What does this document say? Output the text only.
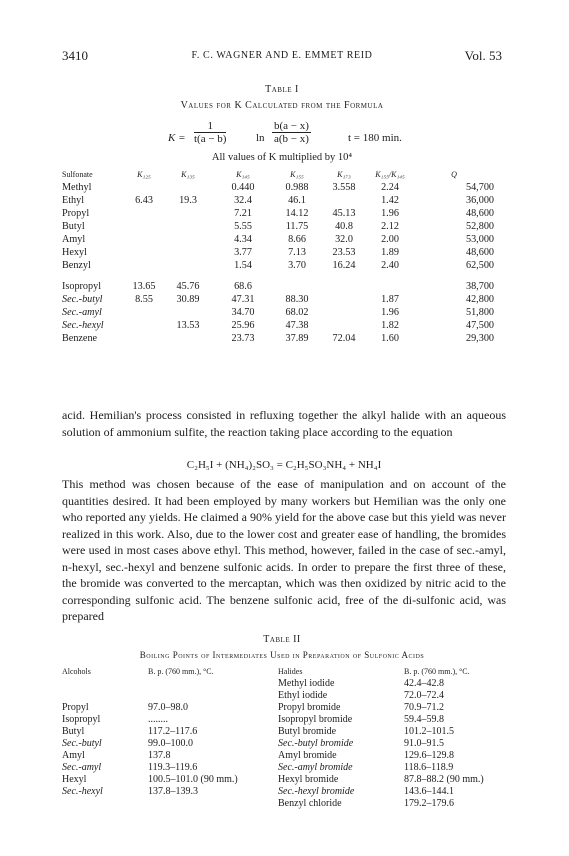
3410	F. C. WAGNER AND E. EMMET REID	Vol. 53
Table I
Values for K Calculated from the Formula
$K = \frac{1}{t(a - b)}$	$\ln \frac{b(a - x)}{a(b - x)}$	t = 180 min.
All values of K multiplied by 10⁴
Sulfonate	K₁₂₅	K₁₃₅	K₁₄₅	K₁₅₅	K₁₇₃	K₁₅₅/K₁₄₅	Q
Methyl			0.440	0.988	3.558	2.24	54,700
Ethyl	6.43	19.3	32.4	46.1		1.42	36,000
Propyl			7.21	14.12	45.13	1.96	48,600
Butyl			5.55	11.75	40.8	2.12	52,800
Amyl			4.34	8.66	32.0	2.00	53,000
Hexyl			3.77	7.13	23.53	1.89	48,600
Benzyl			1.54	3.70	16.24	2.40	62,500

Isopropyl	13.65	45.76	68.6				38,700
Sec.-butyl	8.55	30.89	47.31	88.30		1.87	42,800
Sec.-amyl			34.70	68.02		1.96	51,800
Sec.-hexyl		13.53	25.96	47.38		1.82	47,500
Benzene			23.73	37.89	72.04	1.60	29,300
acid. Hemilian's process consisted in refluxing together the alkyl halide with an aqueous solution of ammonium sulfite, the reaction taking place according to the equation
C₂H₅I + (NH₄)₂SO₃ = C₂H₅SO₃NH₄ + NH₄I
This method was chosen because of the ease of manipulation and on account of the quantities desired. It had been employed by many workers but Hemilian was the only one who reported any yields. He claimed a 90% yield for the above case but this yield was never realized in this work. Also, due to the lower cost and greater ease of handling, the bromides were used in most cases above ethyl. This method, however, failed in the case of sec.-amyl, n-hexyl, sec.-hexyl and benzene sulfonic acids. In order to prepare the first three of these, the bromide was converted to the mercaptan, which was then oxidized by nitric acid to the corresponding sulfonic acid. The benzene sulfonic acid, free of the di-sulfonic acid, was prepared
Table II
Boiling Points of Intermediates Used in Preparation of Sulfonic Acids
Alcohols	B. p. (760 mm.), °C.	Halides	B. p. (760 mm.), °C.
		Methyl iodide	42.4–42.8
		Ethyl iodide	72.0–72.4
Propyl	97.0–98.0	Propyl bromide	70.9–71.2
Isopropyl	........	Isopropyl bromide	59.4–59.8
Butyl	117.2–117.6	Butyl bromide	101.2–101.5
Sec.-butyl	99.0–100.0	Sec.-butyl bromide	91.0–91.5
Amyl	137.8	Amyl bromide	129.6–129.8
Sec.-amyl	119.3–119.6	Sec.-amyl bromide	118.6–118.9
Hexyl	100.5–101.0 (90 mm.)	Hexyl bromide	87.8–88.2 (90 mm.)
Sec.-hexyl	137.8–139.3	Sec.-hexyl bromide	143.6–144.1
		Benzyl chloride	179.2–179.6
